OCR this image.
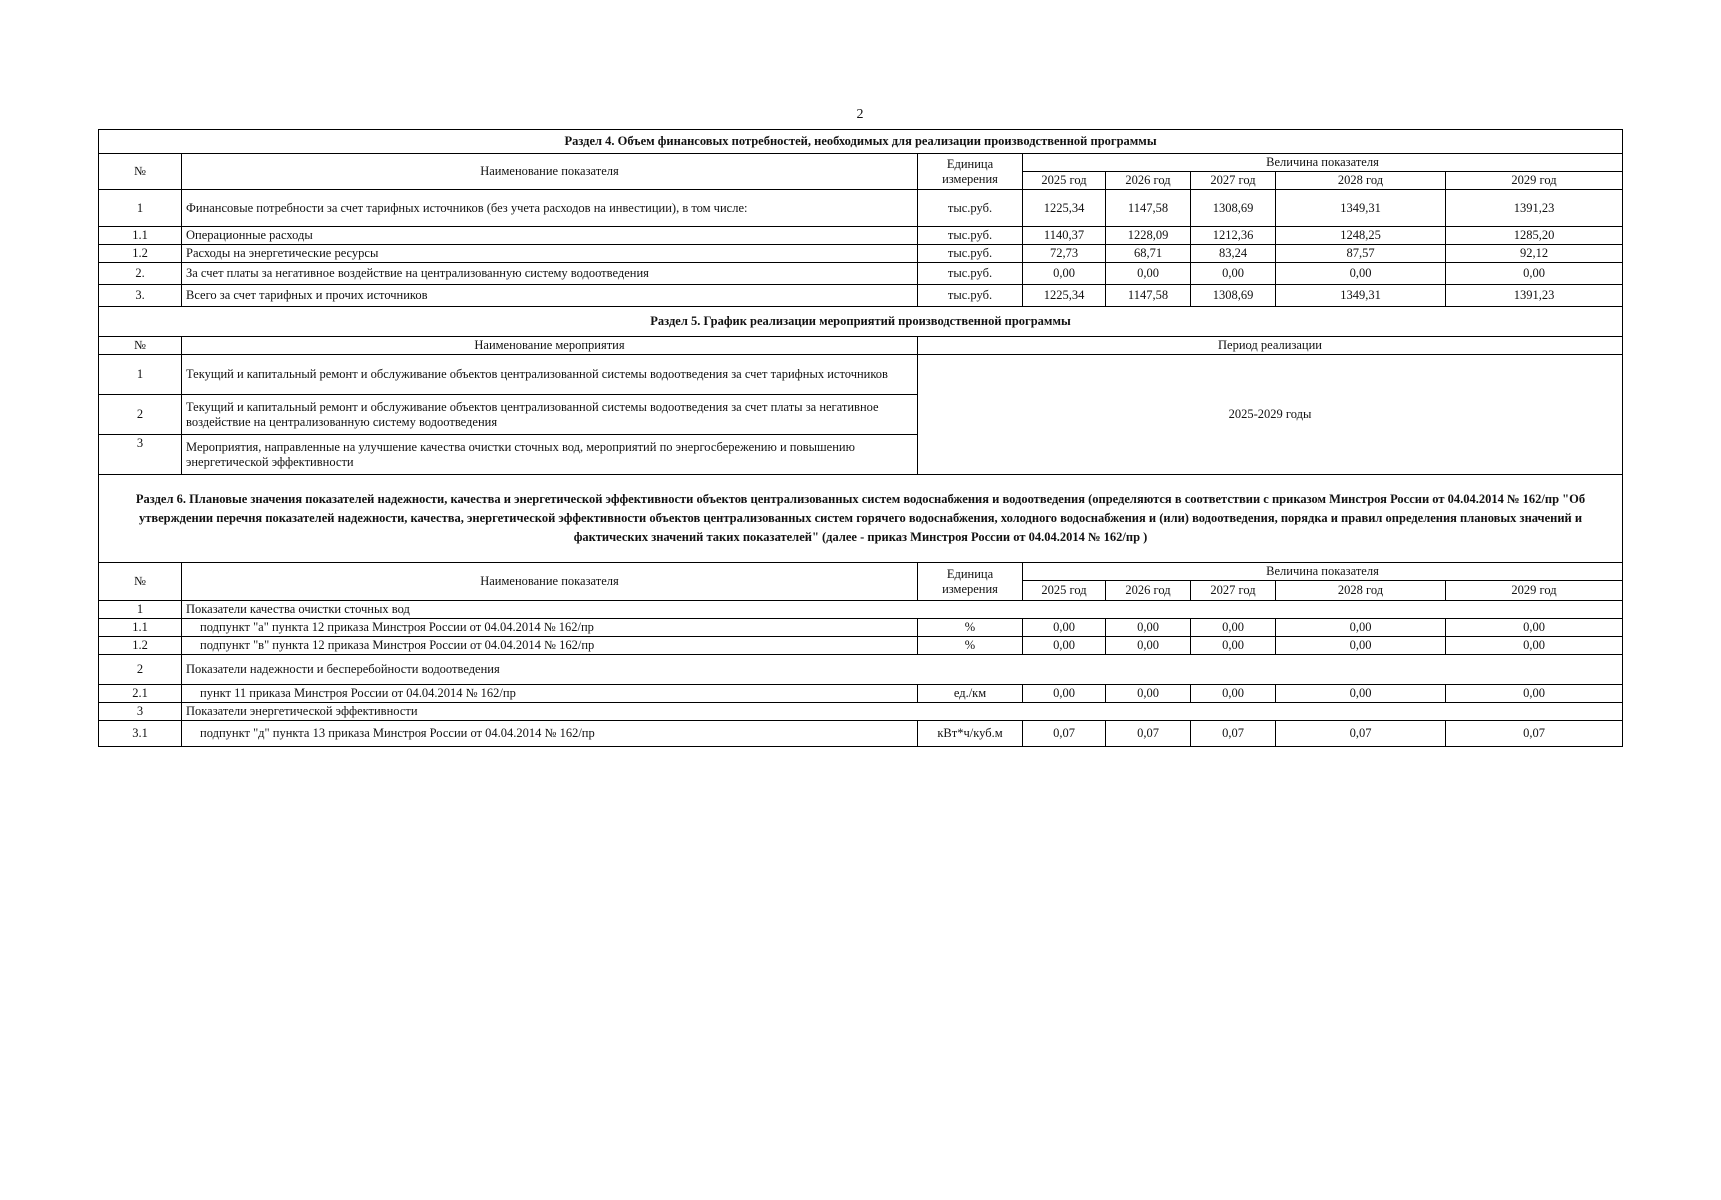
2
Раздел 4. Объем финансовых потребностей, необходимых для реализации производственной программы							
№	Наименование показателя	Единица измерения	Величина показателя				
			2025 год	2026 год	2027 год	2028 год	2029 год
1	Финансовые потребности за счет тарифных источников (без учета расходов на инвестиции), в том числе:	тыс.руб.	1225,34	1147,58	1308,69	1349,31	1391,23
1.1	Операционные расходы	тыс.руб.	1140,37	1228,09	1212,36	1248,25	1285,20
1.2	Расходы на энергетические ресурсы	тыс.руб.	72,73	68,71	83,24	87,57	92,12
2.	За счет платы за негативное воздействие на централизованную систему водоотведения	тыс.руб.	0,00	0,00	0,00	0,00	0,00
3.	Всего за счет тарифных и прочих источников	тыс.руб.	1225,34	1147,58	1308,69	1349,31	1391,23
Раздел 5. График реализации мероприятий производственной программы							
№	Наименование мероприятия	Период реализации					
1	Текущий и капитальный ремонт и обслуживание объектов централизованной системы водоотведения за счет тарифных источников	2025-2029 годы					
2	Текущий и капитальный ремонт и обслуживание объектов централизованной системы водоотведения за счет платы за негативное воздействие на централизованную систему водоотведения						
3	Мероприятия, направленные на улучшение качества очистки сточных вод, мероприятий по энергосбережению и повышению энергетической эффективности						
Раздел 6. Плановые значения показателей надежности, качества и энергетической эффективности объектов централизованных систем водоснабжения и водоотведения (определяются в соответствии с приказом Минстроя России от 04.04.2014 № 162/пр "Об утверждении перечня показателей надежности, качества, энергетической эффективности объектов централизованных систем горячего водоснабжения, холодного водоснабжения и (или) водоотведения, порядка и правил определения плановых значений и фактических значений таких показателей" (далее - приказ Минстроя России от 04.04.2014 № 162/пр )							
№	Наименование показателя	Единица измерения	Величина показателя				
			2025 год	2026 год	2027 год	2028 год	2029 год
1	Показатели качества очистки сточных вод						
1.1	подпункт "а" пункта 12 приказа Минстроя России от 04.04.2014 № 162/пр	%	0,00	0,00	0,00	0,00	0,00
1.2	подпункт "в" пункта 12 приказа Минстроя России от 04.04.2014 № 162/пр	%	0,00	0,00	0,00	0,00	0,00
2	Показатели надежности и бесперебойности водоотведения						
2.1	пункт 11 приказа Минстроя России от 04.04.2014 № 162/пр	ед./км	0,00	0,00	0,00	0,00	0,00
3	Показатели энергетической эффективности						
3.1	подпункт "д" пункта 13 приказа Минстроя России от 04.04.2014 № 162/пр	кВт*ч/куб.м	0,07	0,07	0,07	0,07	0,07
